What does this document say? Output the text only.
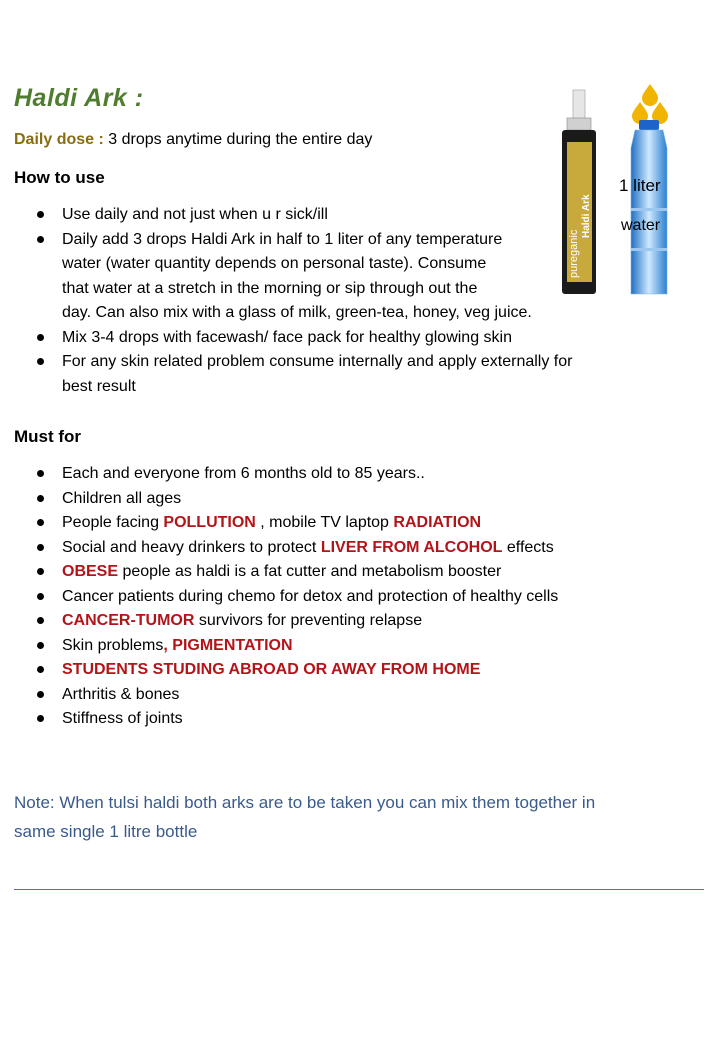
Haldi Ark :
Daily dose : 3 drops anytime during the entire day
How to use
Use daily and not just when u r sick/ill
Daily add 3 drops Haldi Ark in half to 1 liter of any temperature
water (water quantity depends on personal taste). Consume
that water at a stretch in the morning or sip through out the
day. Can also mix with a glass of milk, green-tea, honey, veg juice.
Mix 3-4 drops with facewash/ face pack for healthy glowing skin
For any skin related problem consume internally and apply externally for
best result
Must for
Each and everyone from 6 months old to 85 years..
Children all ages
People facing POLLUTION , mobile TV laptop RADIATION
Social and heavy drinkers to protect LIVER FROM ALCOHOL effects
OBESE people as haldi is a fat cutter and metabolism booster
Cancer patients during chemo for detox and protection of healthy cells
CANCER-TUMOR survivors for preventing relapse
Skin problems, PIGMENTATION
STUDENTS STUDING ABROAD OR AWAY FROM HOME
Arthritis & bones
Stiffness of joints
Note: When tulsi haldi both arks are to be taken you can mix them together in same single 1 litre bottle
pureganic
Haldi Ark
1 liter
water
